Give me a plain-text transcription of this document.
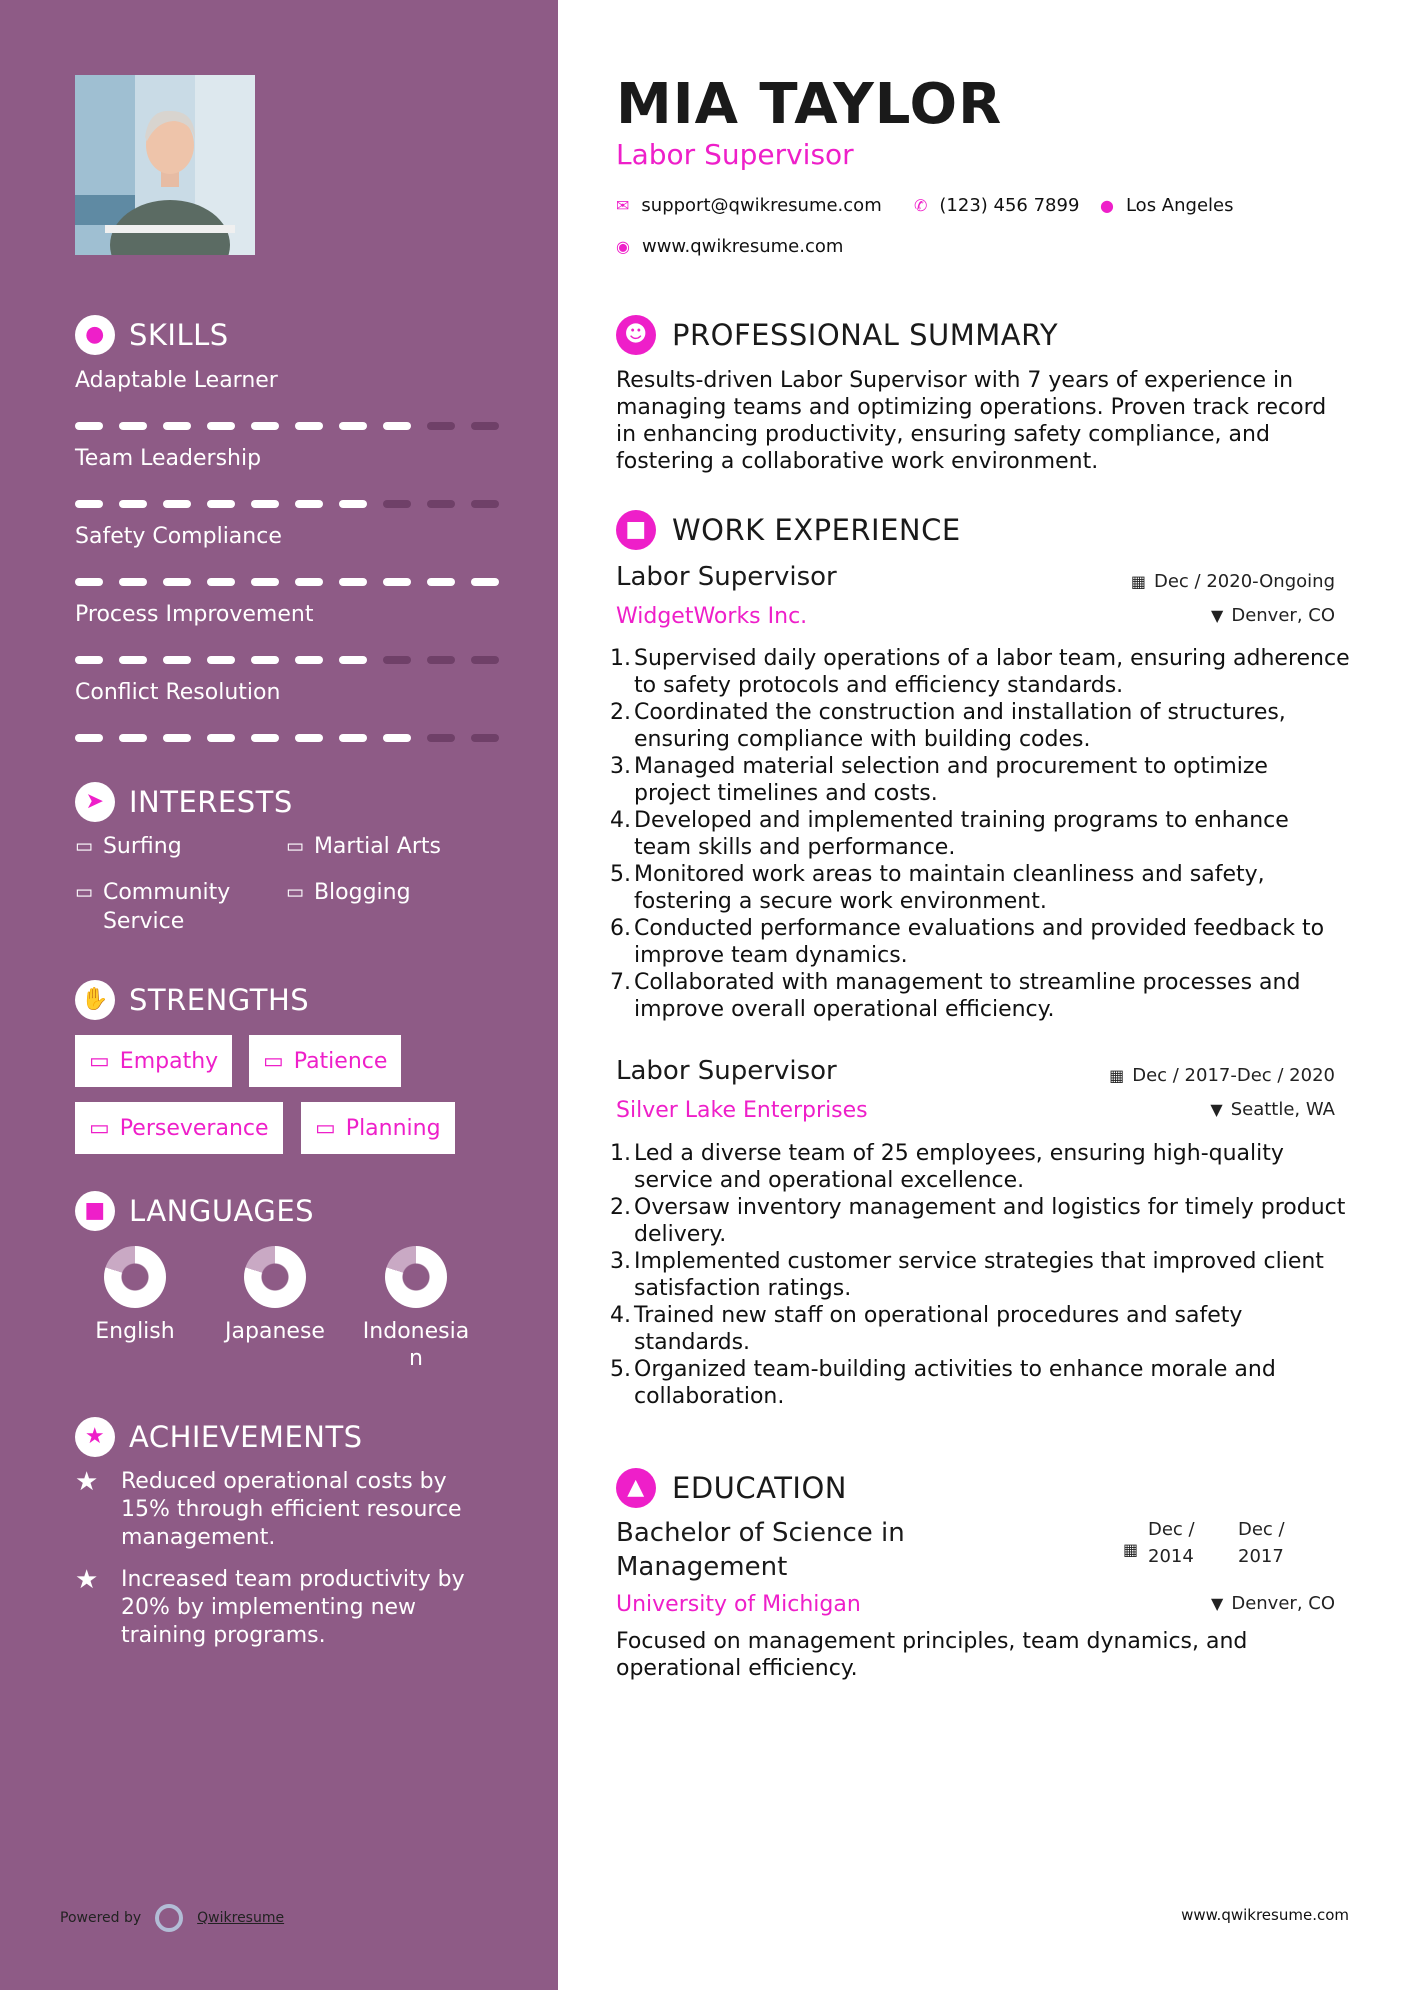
● SKILLS
Adaptable Learner
Team Leadership
Safety Compliance
Process Improvement
Conflict Resolution
➤ INTERESTS
▭ Surfing	▭ Martial Arts
▭ Community Service
▭ Blogging
✋ STRENGTHS
▭ Empathy ▭ Patience
▭ Perseverance ▭ Planning
■ LANGUAGES
English	Japanese	Indonesian
★ ACHIEVEMENTS
★	Reduced operational costs by 15% through efficient resource management.
★	Increased team productivity by 20% by implementing new training programs.
Powered by	Qwikresume
MIA TAYLOR
Labor Supervisor
✉ support@qwikresume.com ✆ (123) 456 7899 ● Los Angeles
◉ www.qwikresume.com
☻ PROFESSIONAL SUMMARY
Results-driven Labor Supervisor with 7 years of experience in managing teams and optimizing operations. Proven track record in enhancing productivity, ensuring safety compliance, and fostering a collaborative work environment.
■ WORK EXPERIENCE
Labor Supervisor	▦ Dec / 2020-Ongoing
WidgetWorks Inc.	▼ Denver, CO
1. Supervised daily operations of a labor team, ensuring adherence to safety protocols and efficiency standards.
2. Coordinated the construction and installation of structures, ensuring compliance with building codes.
3. Managed material selection and procurement to optimize project timelines and costs.
4. Developed and implemented training programs to enhance team skills and performance.
5. Monitored work areas to maintain cleanliness and safety, fostering a secure work environment.
6. Conducted performance evaluations and provided feedback to improve team dynamics.
7. Collaborated with management to streamline processes and improve overall operational efficiency.
Labor Supervisor	▦ Dec / 2017-Dec / 2020
Silver Lake Enterprises	▼ Seattle, WA
1. Led a diverse team of 25 employees, ensuring high-quality service and operational excellence.
2. Oversaw inventory management and logistics for timely product delivery.
3. Implemented customer service strategies that improved client satisfaction ratings.
4. Trained new staff on operational procedures and safety standards.
5. Organized team-building activities to enhance morale and collaboration.
▲ EDUCATION
Bachelor of Science in Management
▦
Dec / 2014
Dec / 2017
University of Michigan	▼ Denver, CO
Focused on management principles, team dynamics, and operational efficiency.
www.qwikresume.com
